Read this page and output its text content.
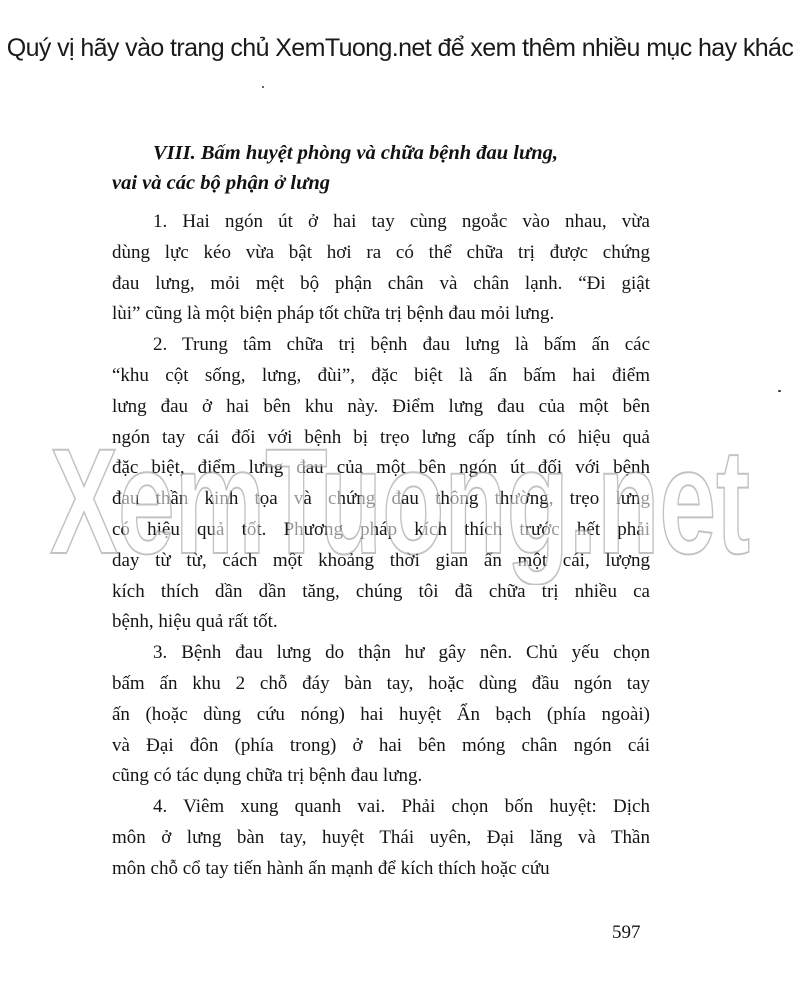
Quý vị hãy vào trang chủ XemTuong.net để xem thêm nhiều mục hay khác
VIII. Bấm huyệt phòng và chữa bệnh đau lưng,
vai và các bộ phận ở lưng
1. Hai ngón út ở hai tay cùng ngoắc vào nhau, vừa
dùng lực kéo vừa bật hơi ra có thể chữa trị được chứng
đau lưng, mỏi mệt bộ phận chân và chân lạnh. “Đi giật
lùi” cũng là một biện pháp tốt chữa trị bệnh đau mỏi lưng.
2. Trung tâm chữa trị bệnh đau lưng là bấm ấn các
“khu cột sống, lưng, đùi”, đặc biệt là ấn bấm hai điểm
lưng đau ở hai bên khu này. Điểm lưng đau của một bên
ngón tay cái đối với bệnh bị trẹo lưng cấp tính có hiệu quả
đặc biệt, điểm lưng đau của một bên ngón út đối với bệnh
đau thần kinh tọa và chứng đau thông thường, trẹo lưng
có hiệu quả tốt. Phương pháp kích thích trước hết phải
day từ từ, cách một khoảng thời gian ấn một cái, lượng
kích thích dần dần tăng, chúng tôi đã chữa trị nhiều ca
bệnh, hiệu quả rất tốt.
3. Bệnh đau lưng do thận hư gây nên. Chủ yếu chọn
bấm ấn khu 2 chỗ đáy bàn tay, hoặc dùng đầu ngón tay
ấn (hoặc dùng cứu nóng) hai huyệt Ẩn bạch (phía ngoài)
và Đại đôn (phía trong) ở hai bên móng chân ngón cái
cũng có tác dụng chữa trị bệnh đau lưng.
4. Viêm xung quanh vai. Phải chọn bốn huyệt: Dịch
môn ở lưng bàn tay, huyệt Thái uyên, Đại lăng và Thần
môn chỗ cổ tay tiến hành ấn mạnh để kích thích hoặc cứu
597
XemTuong.net
